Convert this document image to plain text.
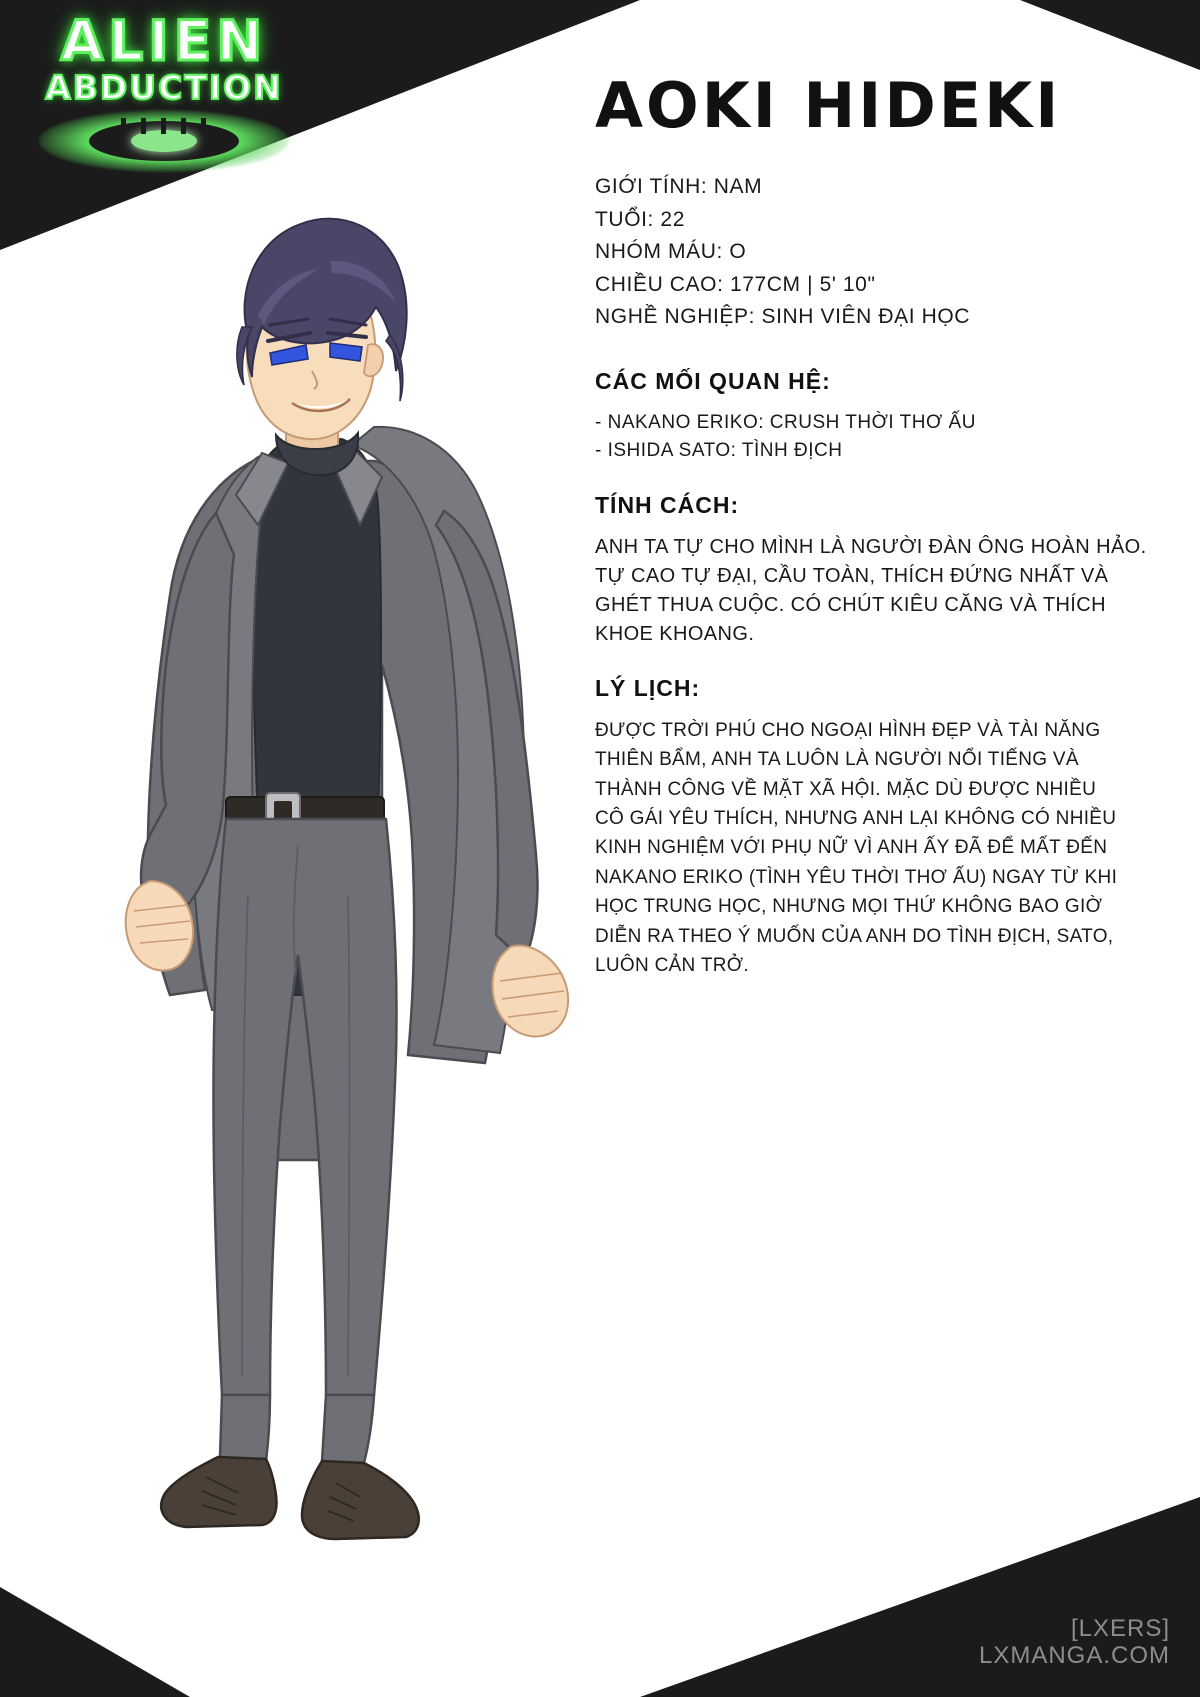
ALIEN
ABDUCTION	AOKI HIDEKI
GIỚI TÍNH: NAM
TUỔI: 22
NHÓM MÁU: O
CHIỀU CAO: 177CM | 5' 10"
NGHỀ NGHIỆP: SINH VIÊN ĐẠI HỌC
CÁC MỐI QUAN HỆ:
- NAKANO ERIKO: CRUSH THỜI THƠ ẤU
- ISHIDA SATO: TÌNH ĐỊCH
TÍNH CÁCH:

ANH TA TỰ CHO MÌNH LÀ NGƯỜI ĐÀN ÔNG HOÀN HẢO. TỰ CAO TỰ ĐẠI, CẦU TOÀN, THÍCH ĐỨNG NHẤT VÀ GHÉT THUA CUỘC. CÓ CHÚT KIÊU CĂNG VÀ THÍCH KHOE KHOANG.

LÝ LỊCH:

ĐƯỢC TRỜI PHÚ CHO NGOẠI HÌNH ĐẸP VÀ TÀI NĂNG THIÊN BẨM, ANH TA LUÔN LÀ NGƯỜI NỔI TIẾNG VÀ THÀNH CÔNG VỀ MẶT XÃ HỘI. MẶC DÙ ĐƯỢC NHIỀU CÔ GÁI YÊU THÍCH, NHƯNG ANH LẠI KHÔNG CÓ NHIỀU KINH NGHIỆM VỚI PHỤ NỮ VÌ ANH ẤY ĐÃ ĐỂ MẤT ĐẾN NAKANO ERIKO (TÌNH YÊU THỜI THƠ ẤU) NGAY TỪ KHI HỌC TRUNG HỌC, NHƯNG MỌI THỨ KHÔNG BAO GIỜ DIỄN RA THEO Ý MUỐN CỦA ANH DO TÌNH ĐỊCH, SATO, LUÔN CẢN TRỞ.

[LXERS]
LXMANGA.COM
